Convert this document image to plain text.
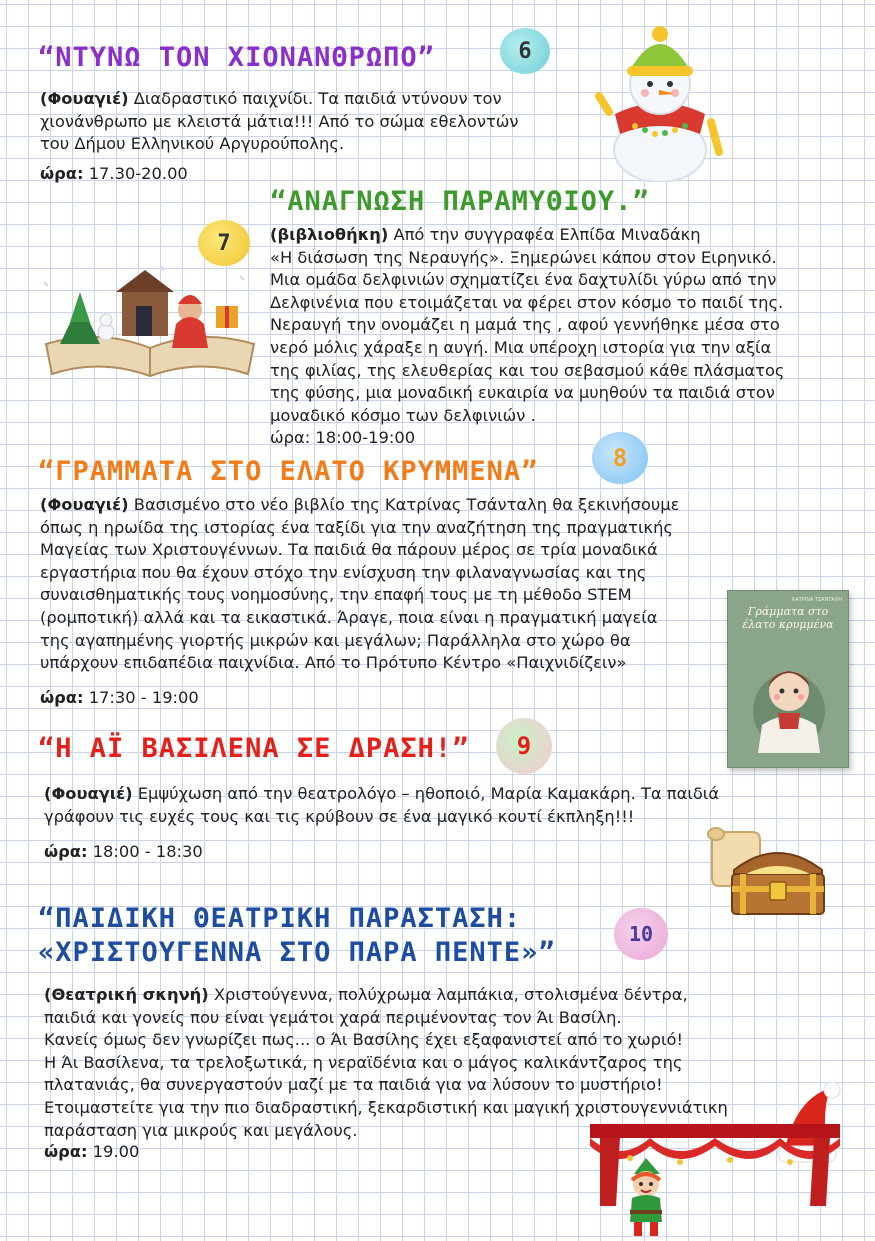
“ΝΤΥΝΩ ΤΟΝ ΧΙΟΝΑΝΘΡΩΠΟ”	6
(Φουαγιέ) Διαδραστικό παιχνίδι. Τα παιδιά ντύνουν τον
χιονάνθρωπο με κλειστά μάτια!!! Από το σώμα εθελοντών
του Δήμου Ελληνικού Αργυρούπολης.
ώρα: 17.30-20.00
“ΑΝΑΓΝΩΣΗ ΠΑΡΑΜΥΘΙΟΥ.”
7 (βιβλιοθήκη) Από την συγγραφέα Ελπίδα Μιναδάκη
«Η διάσωση της Νεραυγής». Ξημερώνει κάπου στον Ειρηνικό.
Μια ομάδα δελφινιών σχηματίζει ένα δαχτυλίδι γύρω από την
Δελφινένια που ετοιμάζεται να φέρει στον κόσμο το παιδί της.
Νεραυγή την ονομάζει η μαμά της , αφού γεννήθηκε μέσα στο
νερό μόλις χάραξε η αυγή. Μια υπέροχη ιστορία για την αξία
της φιλίας, της ελευθερίας και του σεβασμού κάθε πλάσματος
της φύσης, μια μοναδική ευκαιρία να μυηθούν τα παιδιά στον
μοναδικό κόσμο των δελφινιών .
ώρα: 18:00-19:00
“ΓΡΑΜΜΑΤΑ ΣΤΟ ΕΛΑΤΟ ΚΡΥΜΜΕΝΑ”	8
(Φουαγιέ) Βασισμένο στο νέο βιβλίο της Κατρίνας Τσάνταλη θα ξεκινήσουμε
όπως η ηρωίδα της ιστορίας ένα ταξίδι για την αναζήτηση της πραγματικής
Μαγείας των Χριστουγέννων. Τα παιδιά θα πάρουν μέρος σε τρία μοναδικά
εργαστήρια που θα έχουν στόχο την ενίσχυση την φιλαναγνωσίας και της
συναισθηματικής τους νοημοσύνης, την επαφή τους με τη μέθοδο STEM
(ρομποτική) αλλά και τα εικαστικά. Άραγε, ποια είναι η πραγματική μαγεία
της αγαπημένης γιορτής μικρών και μεγάλων; Παράλληλα στο χώρο θα
υπάρχουν επιδαπέδια παιχνίδια. Από το Πρότυπο Κέντρο «Παιχνιδίζειν»
ώρα: 17:30 - 19:00
ΚΑΤΡΙΝΑ ΤΣΑΝΤΑΛΗ
Γράμματα στο έλατο κρυμμένα
“Η ΑΪ ΒΑΣΙΛΕΝΑ ΣΕ ΔΡΑΣΗ!” 9
(Φουαγιέ) Εμψύχωση από την θεατρολόγο – ηθοποιό, Μαρία Καμακάρη. Τα παιδιά
γράφουν τις ευχές τους και τις κρύβουν σε ένα μαγικό κουτί έκπληξη!!!
ώρα: 18:00 - 18:30
“ΠΑΙΔΙΚΗ ΘΕΑΤΡΙΚΗ ΠΑΡΑΣΤΑΣΗ:
«ΧΡΙΣΤΟΥΓΕΝΝΑ ΣΤΟ ΠΑΡΑ ΠΕΝΤΕ»”
10
(Θεατρική σκηνή) Χριστούγεννα, πολύχρωμα λαμπάκια, στολισμένα δέντρα,
παιδιά και γονείς που είναι γεμάτοι χαρά περιμένοντας τον Άι Βασίλη.
Κανείς όμως δεν γνωρίζει πως... ο Άι Βασίλης έχει εξαφανιστεί από το χωριό!
Η Άι Βασίλενα, τα τρελοξωτικά, η νεραϊδένια και ο μάγος καλικάντζαρος της
πλατανιάς, θα συνεργαστούν μαζί με τα παιδιά για να λύσουν το μυστήριο!
Ετοιμαστείτε για την πιο διαδραστική, ξεκαρδιστική και μαγική χριστουγεννιάτικη
παράσταση για μικρούς και μεγάλους.
ώρα: 19.00
